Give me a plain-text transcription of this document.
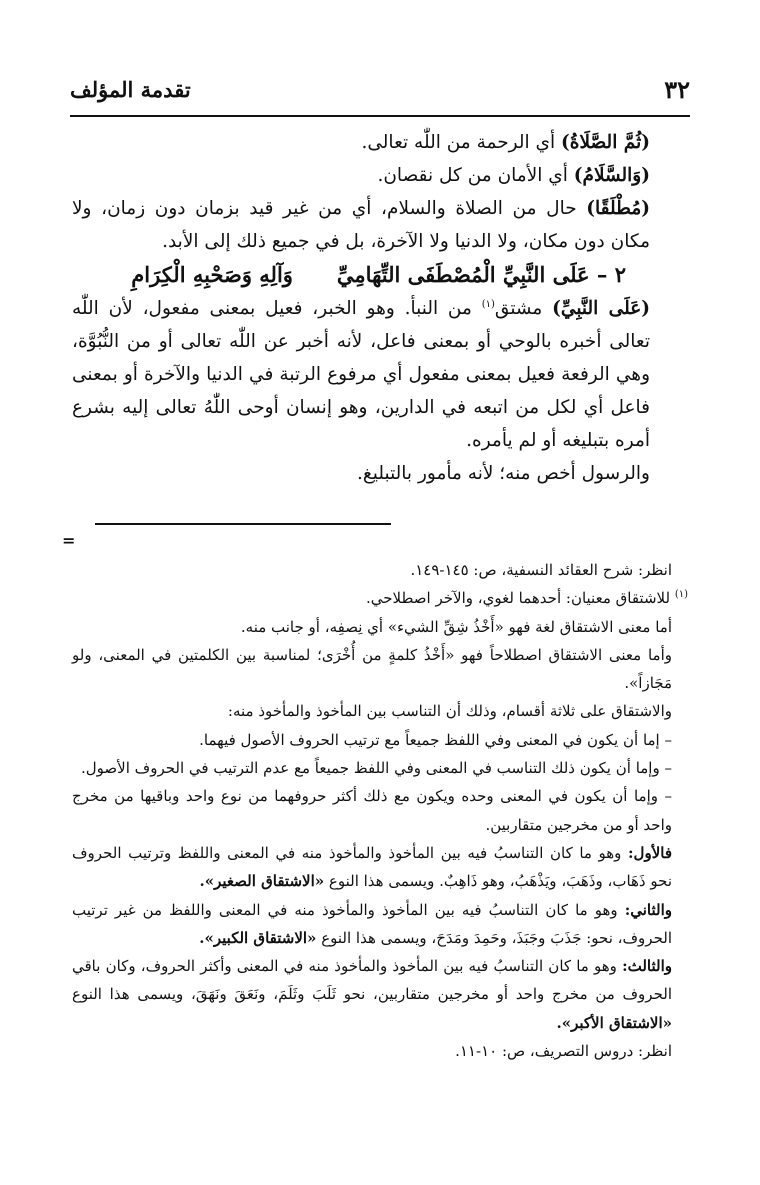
٣٢
تقدمة المؤلف

(ثُمَّ الصَّلَاةُ) أي الرحمة من اللّٰه تعالى.

(وَالسَّلَامُ) أي الأمان من كل نقصان.

(مُطْلَقًا) حال من الصلاة والسلام، أي من غير قيد بزمان دون زمان، ولا مكان دون مكان، ولا الدنيا ولا الآخرة، بل في جميع ذلك إلى الأبد.

٢ – عَلَى النَّبِيِّ الْمُصْطَفَى التِّهَامِيِّ
وَآلِهِ وَصَحْبِهِ الْكِرَامِ

(عَلَى النَّبِيِّ) مشتق$^{(١)}$ من النبأ. وهو الخبر، فعيل بمعنى مفعول، لأن اللّٰه تعالى أخبره بالوحي أو بمعنى فاعل، لأنه أخبر عن اللّٰه تعالى أو من النُّبُوَّة، وهي الرفعة فعيل بمعنى مفعول أي مرفوع الرتبة في الدنيا والآخرة أو بمعنى فاعل أي لكل من اتبعه في الدارين، وهو إنسان أوحى اللّٰهُ تعالى إليه بشرع أمره بتبليغه أو لم يأمره.

والرسول أخص منه؛ لأنه مأمور بالتبليغ.

=

انظر: شرح العقائد النسفية، ص: ١٤٥-١٤٩.

$^{(١)}$ للاشتقاق معنيان: أحدهما لغوي، والآخر اصطلاحي.

أما معنى الاشتقاق لغة فهو «أَخْذُ شِقِّ الشيء» أي نِصفِه، أو جانب منه.

وأما معنى الاشتقاق اصطلاحاً فهو «أَخْذُ كلمةٍ من أُخْرَى؛ لمناسبة بين الكلمتين في المعنى، ولو مَجَازاً».

والاشتقاق على ثلاثة أقسام، وذلك أن التناسب بين المأخوذ والمأخوذ منه:

– إما أن يكون في المعنى وفي اللفظ جميعاً مع ترتيب الحروف الأصول فيهما.

– وإما أن يكون ذلك التناسب في المعنى وفي اللفظ جميعاً مع عدم الترتيب في الحروف الأصول.

– وإما أن يكون في المعنى وحده ويكون مع ذلك أكثر حروفهما من نوع واحد وباقيها من مخرج واحد أو من مخرجين متقاربين.

فالأول: وهو ما كان التناسبُ فيه بين المأخوذ والمأخوذ منه في المعنى واللفظ وترتيب الحروف نحو ذَهَاب، وذَهَبَ، ويَذْهَبُ، وهو ذَاهِبٌ. ويسمى هذا النوع «الاشتقاق الصغير».

والثاني: وهو ما كان التناسبُ فيه بين المأخوذ والمأخوذ منه في المعنى واللفظ من غير ترتيب الحروف، نحو: جَذَبَ وجَبَذَ، وحَمِدَ ومَدَحَ، ويسمى هذا النوع «الاشتقاق الكبير».

والثالث: وهو ما كان التناسبُ فيه بين المأخوذ والمأخوذ منه في المعنى وأكثر الحروف، وكان باقي الحروف من مخرج واحد أو مخرجين متقاربين، نحو ثَلَبَ وثَلَمَ، ونَعَقَ ونَهَقَ، ويسمى هذا النوع «الاشتقاق الأكبر».

انظر: دروس التصريف، ص: ١٠-١١.
